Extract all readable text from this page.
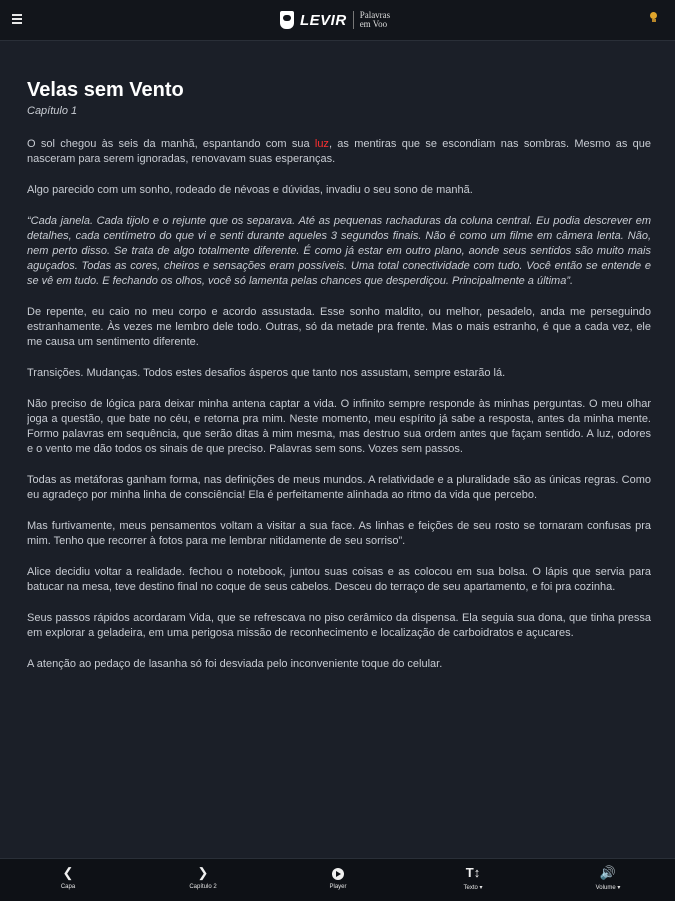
LEVIR Palavras
em Voo
Velas sem Vento
Capítulo 1

O sol chegou às seis da manhã, espantando com sua luz, as mentiras que se escondiam nas sombras. Mesmo as que nasceram para serem ignoradas, renovavam suas esperanças.

Algo parecido com um sonho, rodeado de névoas e dúvidas, invadiu o seu sono de manhã.

“Cada janela. Cada tijolo e o rejunte que os separava. Até as pequenas rachaduras da coluna central. Eu podia descrever em detalhes, cada centímetro do que vi e senti durante aqueles 3 segundos finais. Não é como um filme em câmera lenta. Não, nem perto disso. Se trata de algo totalmente diferente. É como já estar em outro plano, aonde seus sentidos são muito mais aguçados. Todas as cores, cheiros e sensações eram possíveis. Uma total conectividade com tudo. Você então se entende e se vê em tudo. E fechando os olhos, você só lamenta pelas chances que desperdiçou. Principalmente a última”.

De repente, eu caio no meu corpo e acordo assustada. Esse sonho maldito, ou melhor, pesadelo, anda me perseguindo estranhamente. Às vezes me lembro dele todo. Outras, só da metade pra frente. Mas o mais estranho, é que a cada vez, ele me causa um sentimento diferente.

Transições. Mudanças. Todos estes desafios ásperos que tanto nos assustam, sempre estarão lá.

Não preciso de lógica para deixar minha antena captar a vida. O infinito sempre responde às minhas perguntas. O meu olhar joga a questão, que bate no céu, e retorna pra mim. Neste momento, meu espírito já sabe a resposta, antes da minha mente. Formo palavras em sequência, que serão ditas à mim mesma, mas destruo sua ordem antes que façam sentido. A luz, odores e o vento me dão todos os sinais de que preciso. Palavras sem sons. Vozes sem passos.

Todas as metáforas ganham forma, nas definições de meus mundos. A relatividade e a pluralidade são as únicas regras. Como eu agradeço por minha linha de consciência! Ela é perfeitamente alinhada ao ritmo da vida que percebo.

Mas furtivamente, meus pensamentos voltam a visitar a sua face. As linhas e feições de seu rosto se tornaram confusas pra mim. Tenho que recorrer à fotos para me lembrar nitidamente de seu sorriso”.

Alice decidiu voltar a realidade. fechou o notebook, juntou suas coisas e as colocou em sua bolsa. O lápis que servia para batucar na mesa, teve destino final no coque de seus cabelos. Desceu do terraço de seu apartamento, e foi pra cozinha.

Seus passos rápidos acordaram Vida, que se refrescava no piso cerâmico da dispensa. Ela seguia sua dona, que tinha pressa em explorar a geladeira, em uma perigosa missão de reconhecimento e localização de carboidratos e açucares.

A atenção ao pedaço de lasanha só foi desviada pelo inconveniente toque do celular.

❮
Capa
❯
Capítulo 2	Player
T↕
Texto ▾
🔊
Volume ▾
